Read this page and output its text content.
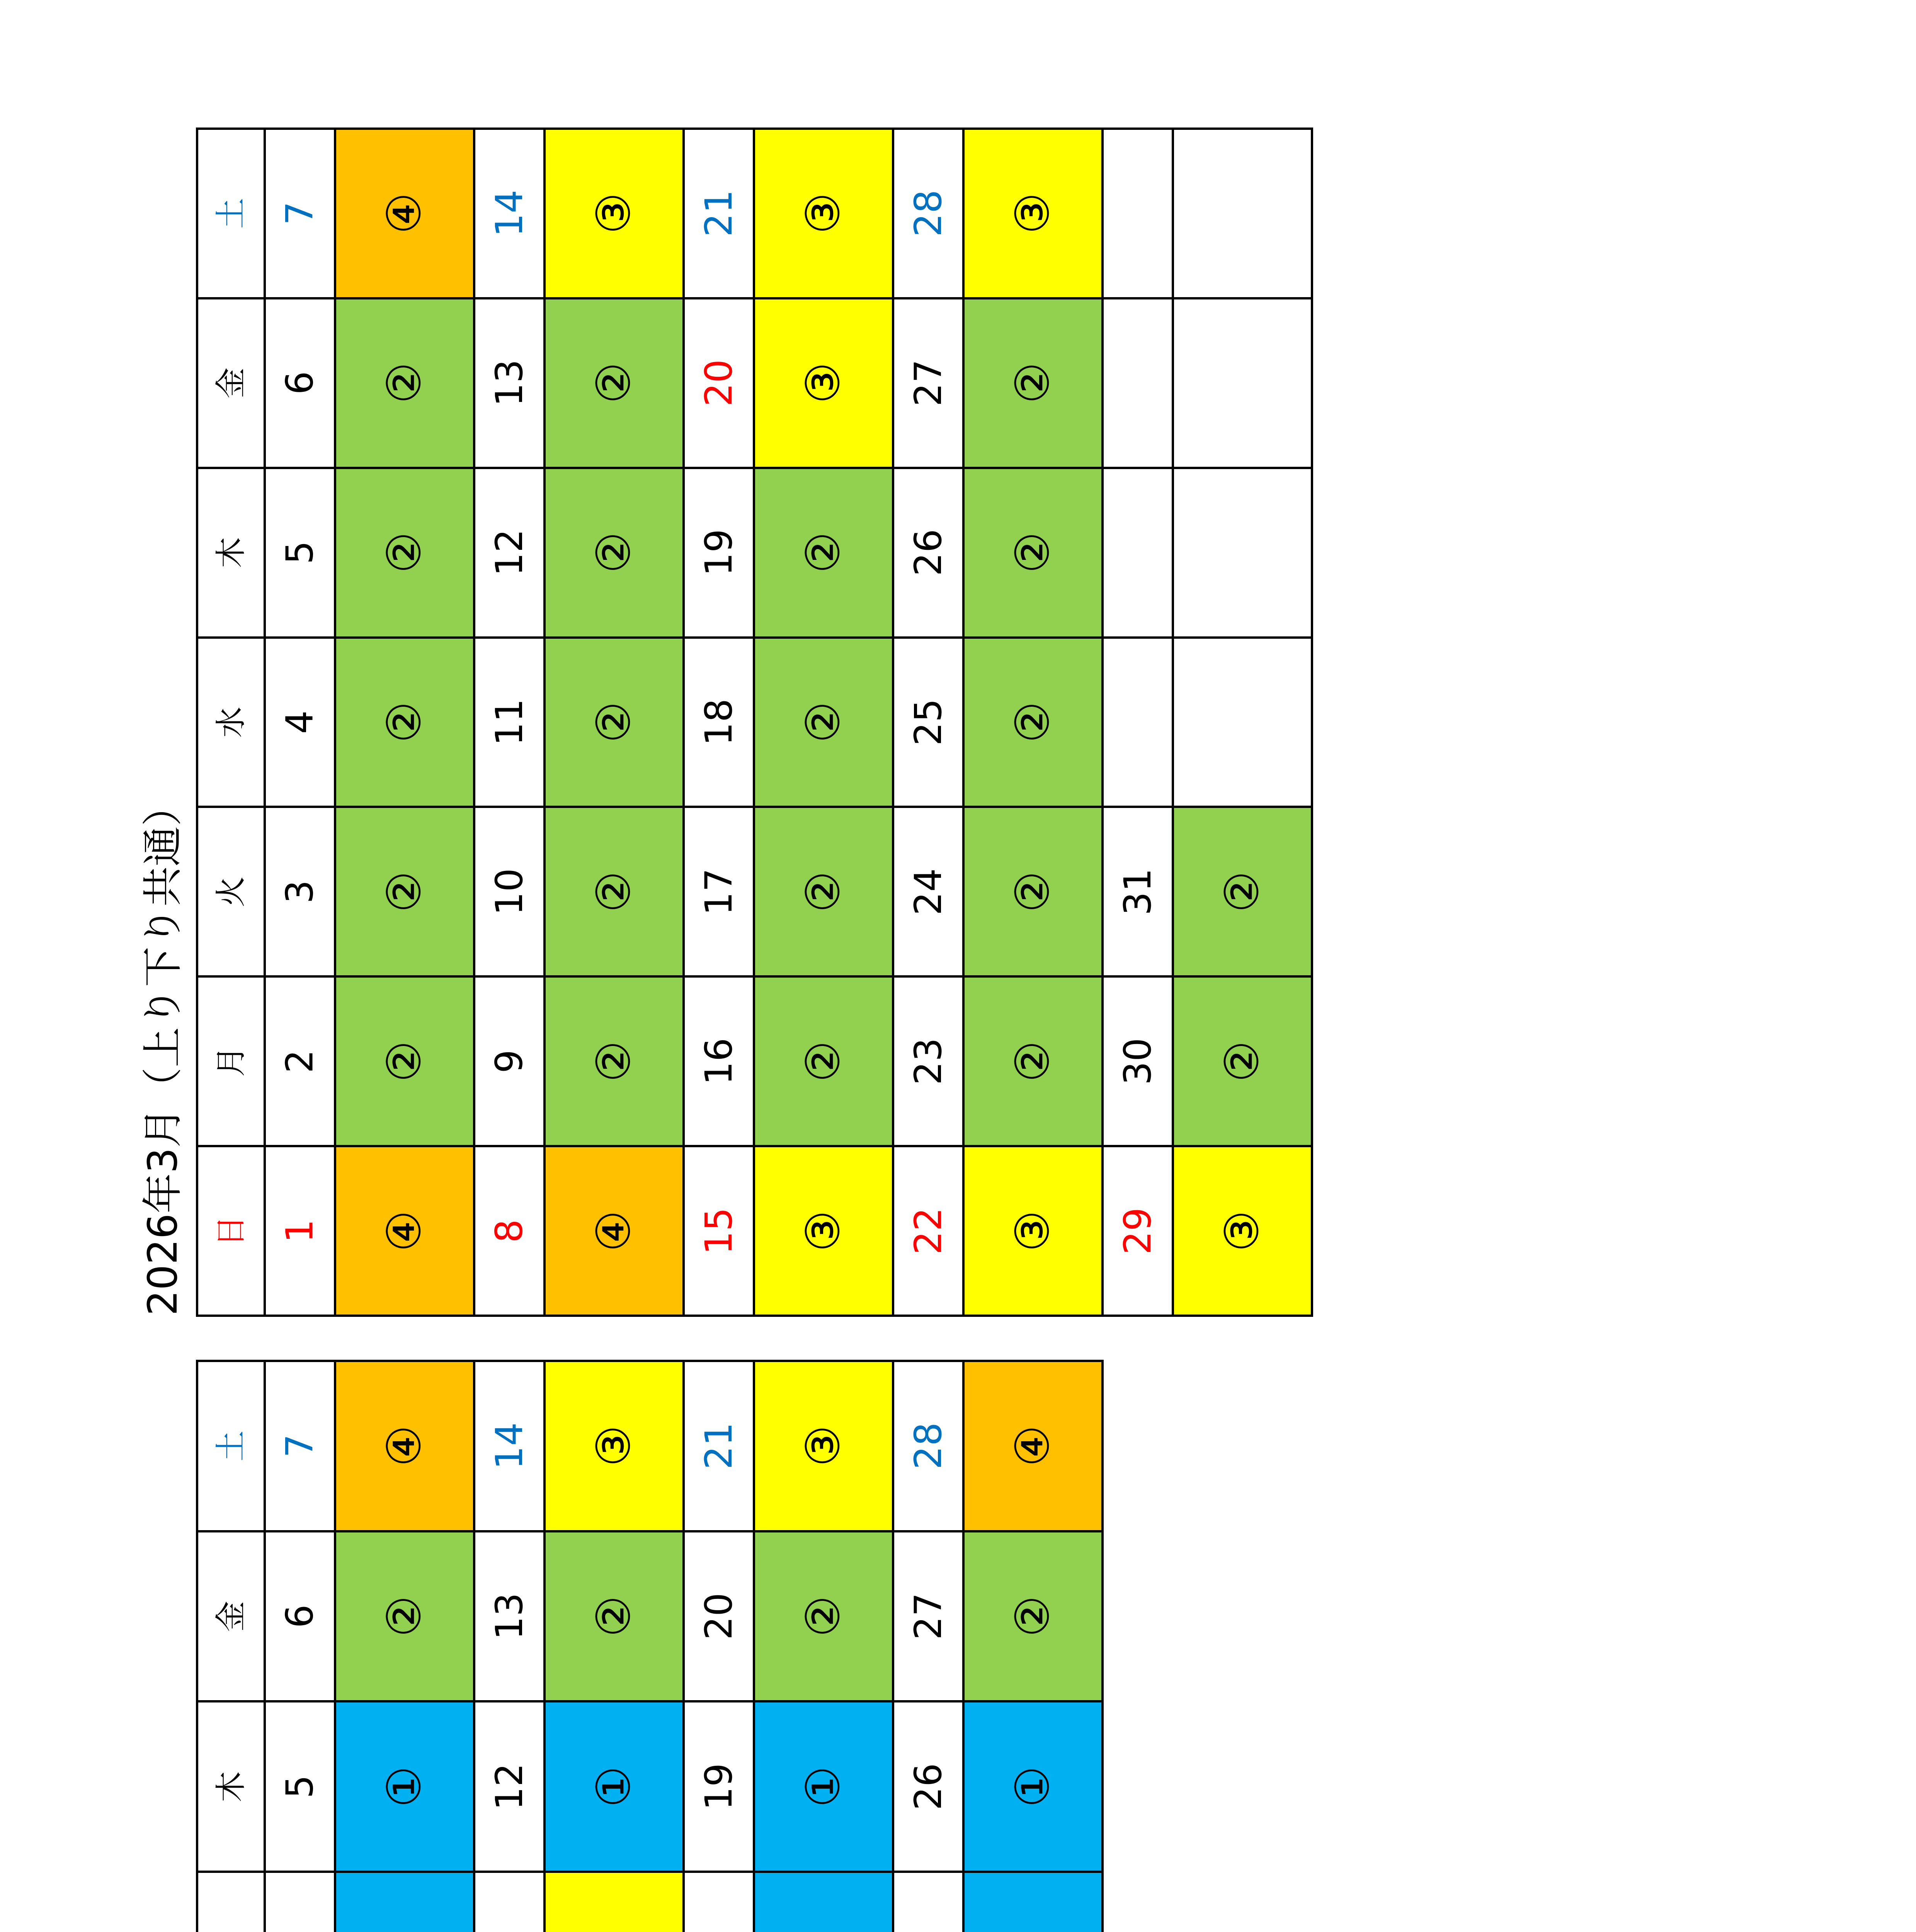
木 5 ① 12 ① 19 ① 26 ①
金 6 ② 13 ② 20 ② 27 ②
土 7 ④ 14 ③ 21 ③ 28 ④
2026年3月（上り下り共通） 日 1 ④ 8 ④ 15 ③ 22 ③ 29 ③
月 2 ② 9 ② 16 ② 23 ② 30 ②
火 3 ② 10 ② 17 ② 24 ② 31 ②
水 4 ② 11 ② 18 ② 25 ②
木 5 ② 12 ② 19 ② 26 ②
金 6 ② 13 ② 20 ③ 27 ②
土 7 ④ 14 ③ 21 ③ 28 ③
